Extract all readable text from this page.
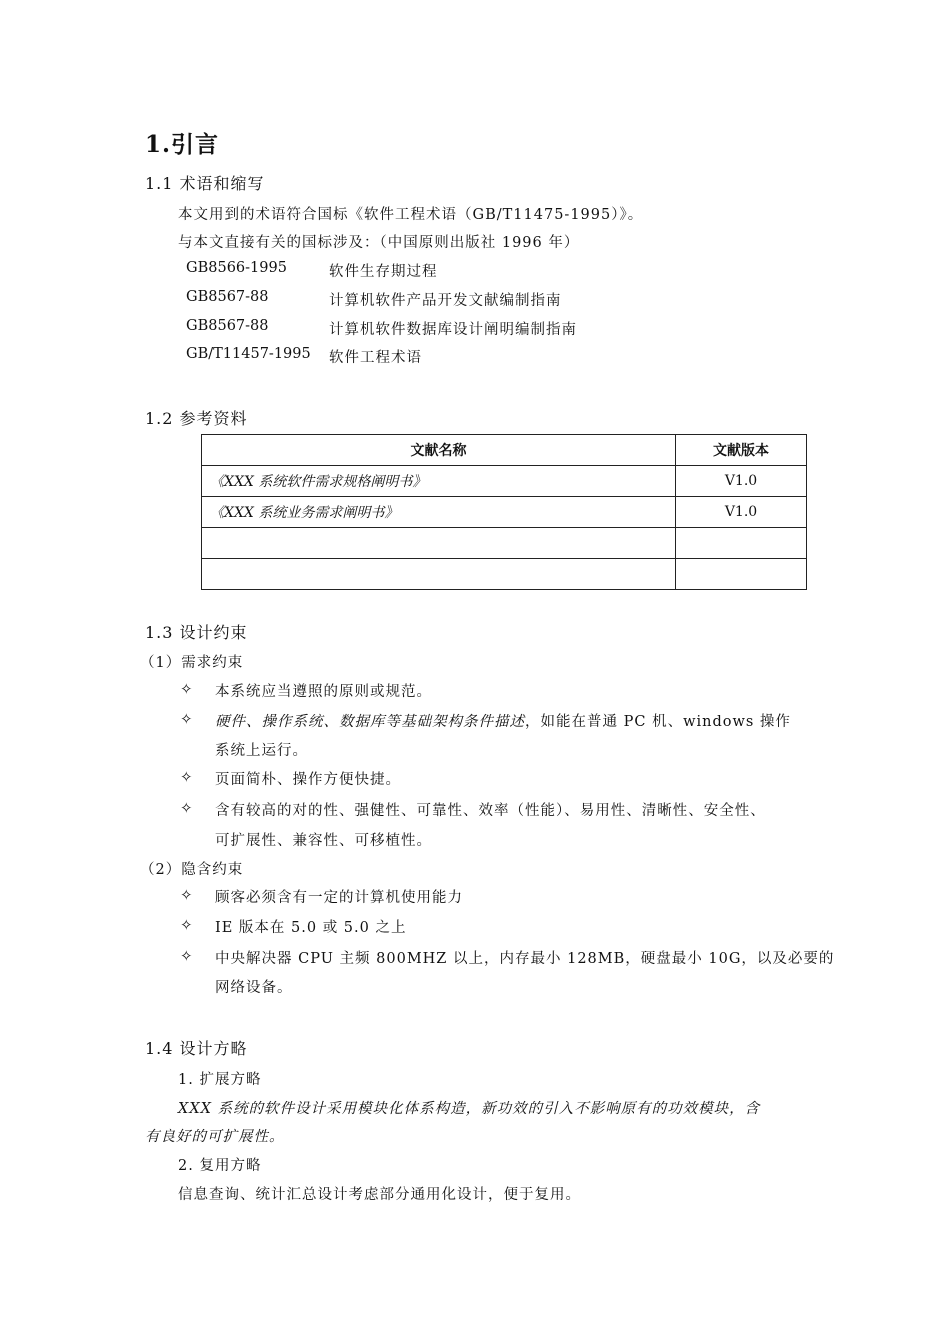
1.引言
1.1 术语和缩写
本文用到的术语符合国标《软件工程术语（GB/T11475-1995）》。
与本文直接有关的国标涉及：（中国原则出版社 1996 年）
GB8566-1995	软件生存期过程
GB8567-88	计算机软件产品开发文献编制指南
GB8567-88	计算机软件数据库设计阐明编制指南
GB/T11457-1995 软件工程术语
1.2 参考资料
文献名称	文献版本
《XXX 系统软件需求规格阐明书》	V1.0
《XXX 系统业务需求阐明书》	V1.0

1.3 设计约束
（1）需求约束
✧ 本系统应当遵照的原则或规范。
✧ 硬件、操作系统、数据库等基础架构条件描述，如能在普通 PC 机、windows 操作
系统上运行。
✧ 页面简朴、操作方便快捷。
✧ 含有较高的对的性、强健性、可靠性、效率（性能）、易用性、清晰性、安全性、
可扩展性、兼容性、可移植性。
（2）隐含约束
✧ 顾客必须含有一定的计算机使用能力
✧ IE 版本在 5.0 或 5.0 之上
✧ 中央解决器 CPU 主频 800MHZ 以上，内存最小 128MB，硬盘最小 10G，以及必要的
网络设备。
1.4 设计方略
1. 扩展方略
XXX 系统的软件设计采用模块化体系构造，新功效的引入不影响原有的功效模块，含
有良好的可扩展性。
2. 复用方略
信息查询、统计汇总设计考虑部分通用化设计，便于复用。
